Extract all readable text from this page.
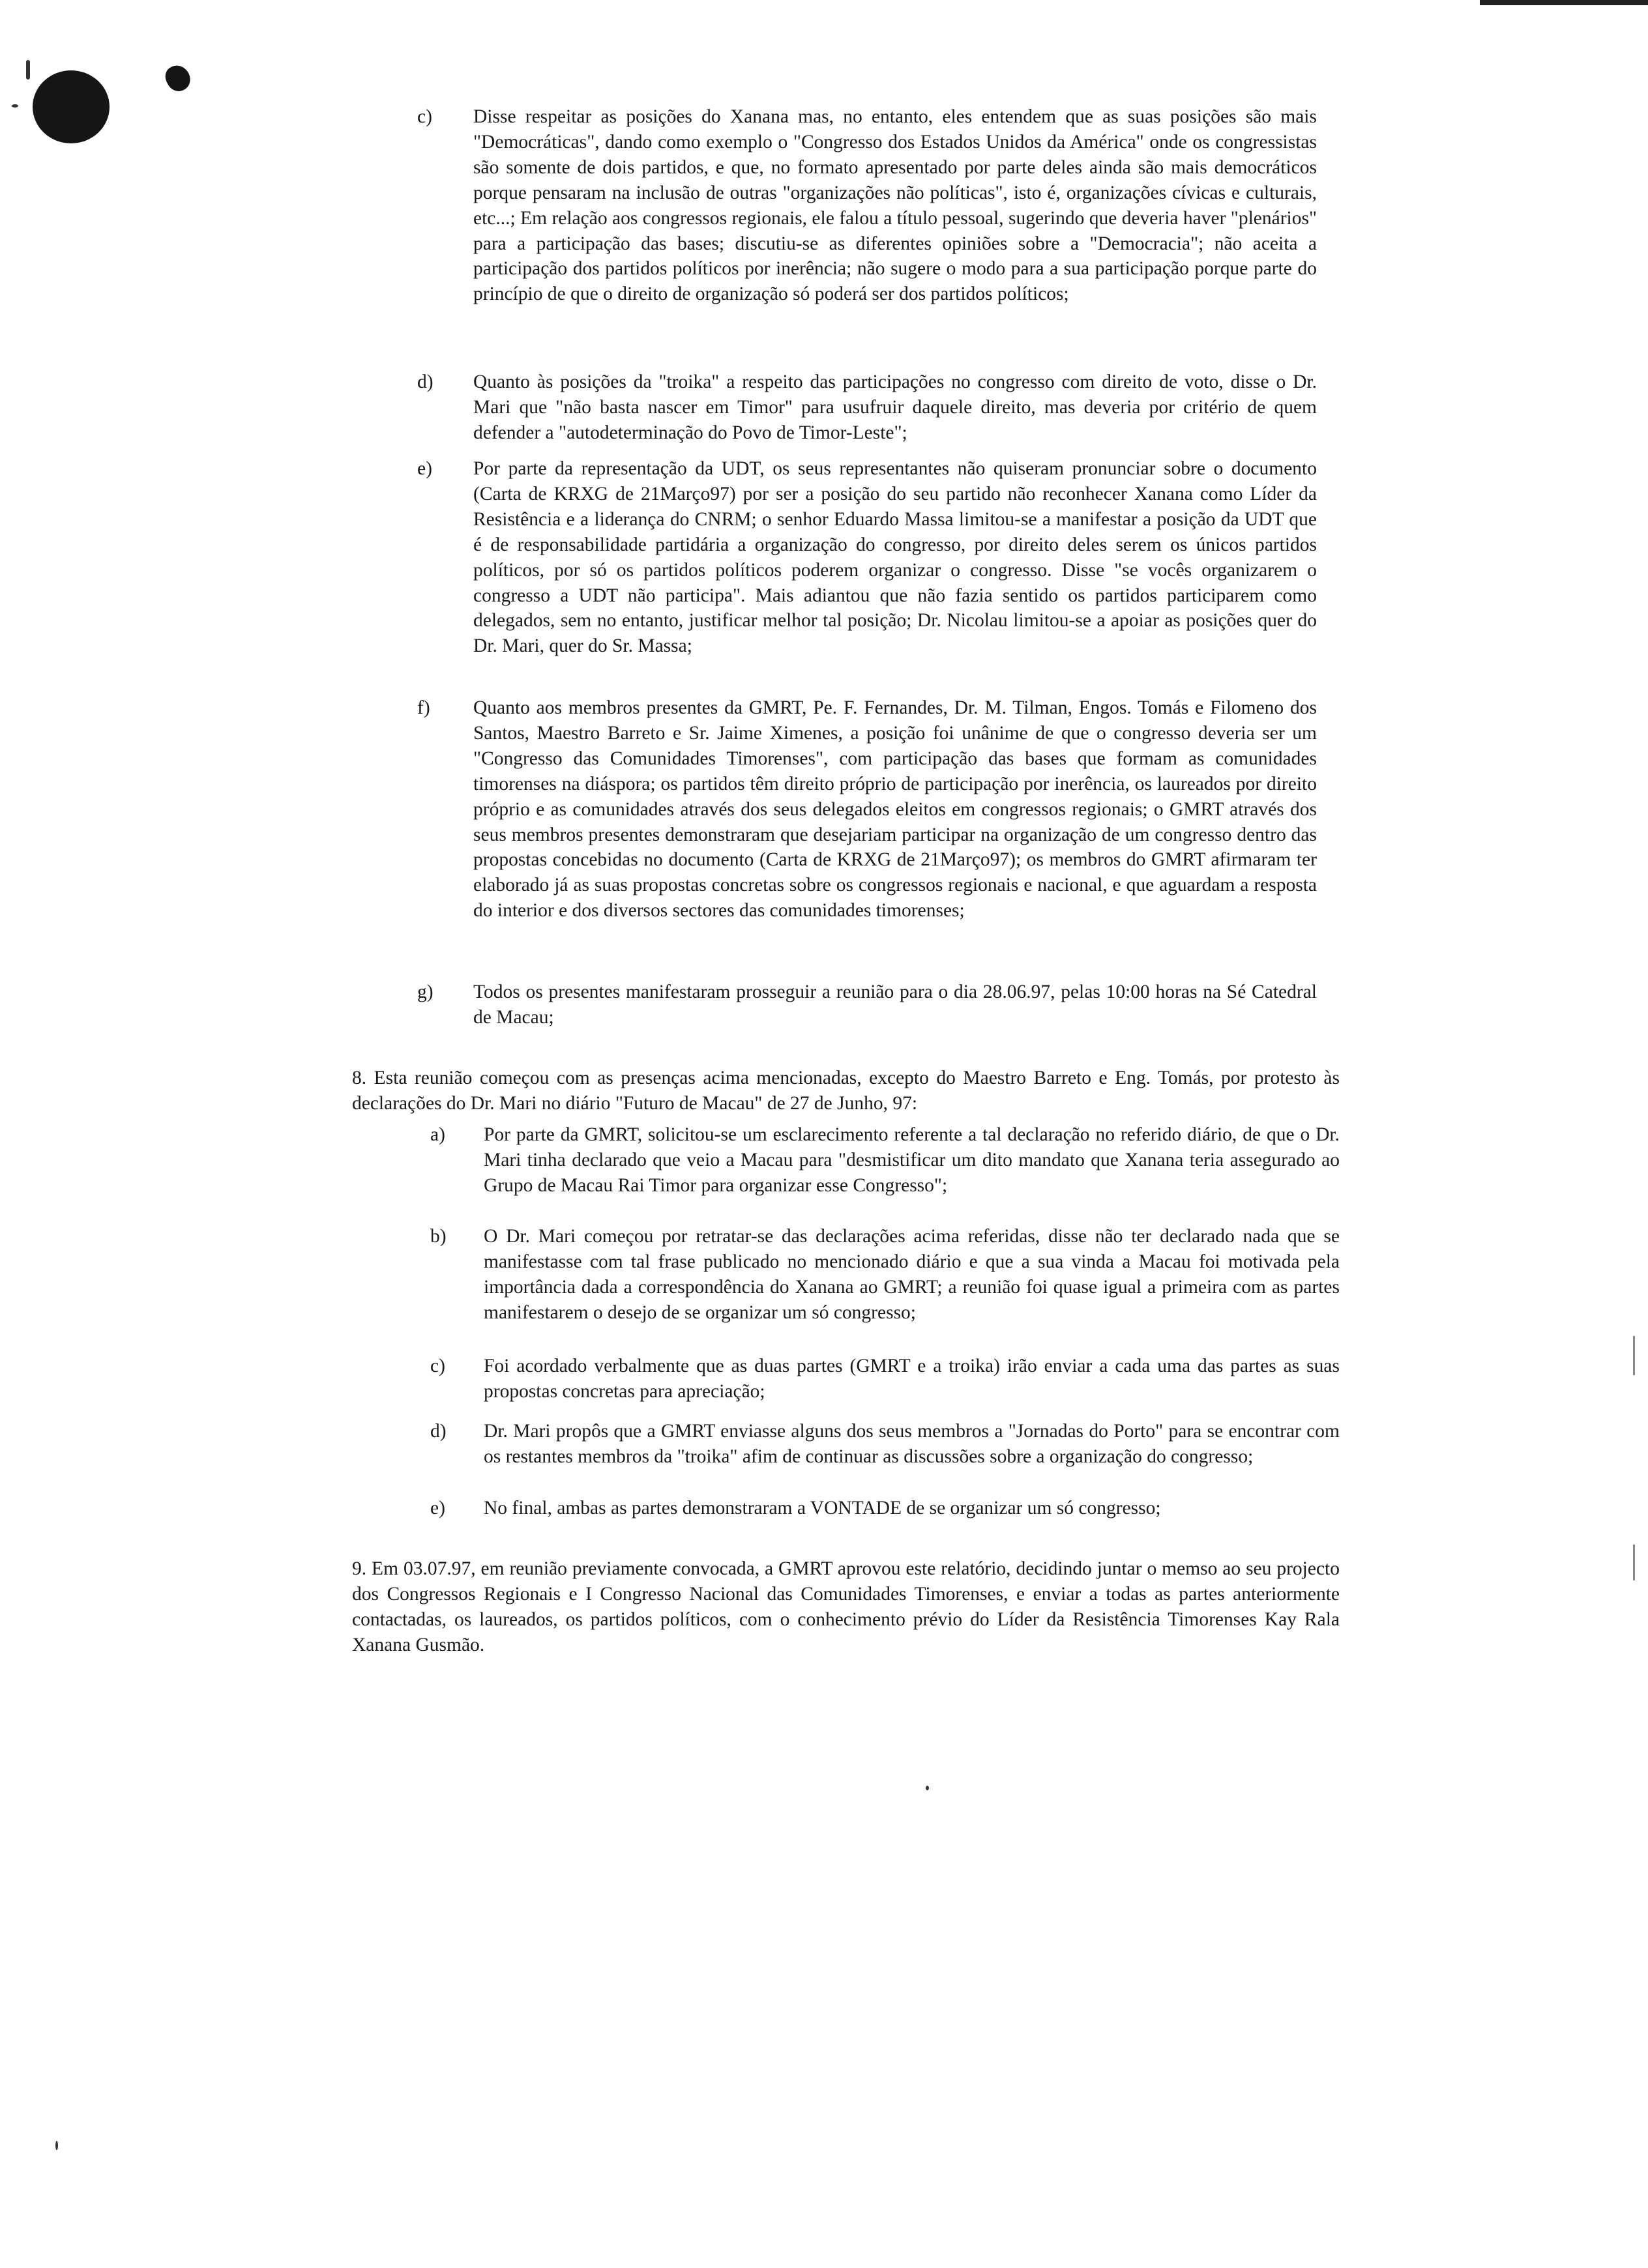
c)	Disse respeitar as posições do Xanana mas, no entanto, eles entendem que as suas posições são mais "Democráticas", dando como exemplo o "Congresso dos Estados Unidos da América" onde os congressistas são somente de dois partidos, e que, no formato apresentado por parte deles ainda são mais democráticos porque pensaram na inclusão de outras "organizações não políticas", isto é, organizações cívicas e culturais, etc...; Em relação aos congressos regionais, ele falou a título pessoal, sugerindo que deveria haver "plenários" para a participação das bases; discutiu-se as diferentes opiniões sobre a "Democracia"; não aceita a participação dos partidos políticos por inerência; não sugere o modo para a sua participação porque parte do princípio de que o direito de organização só poderá ser dos partidos políticos;
d)	Quanto às posições da "troika" a respeito das participações no congresso com direito de voto, disse o Dr. Mari que "não basta nascer em Timor" para usufruir daquele direito, mas deveria por critério de quem defender a "autodeterminação do Povo de Timor-Leste";
e)	Por parte da representação da UDT, os seus representantes não quiseram pronunciar sobre o documento (Carta de KRXG de 21Março97) por ser a posição do seu partido não reconhecer Xanana como Líder da Resistência e a liderança do CNRM; o senhor Eduardo Massa limitou-se a manifestar a posição da UDT que é de responsabilidade partidária a organização do congresso, por direito deles serem os únicos partidos políticos, por só os partidos políticos poderem organizar o congresso. Disse "se vocês organizarem o congresso a UDT não participa". Mais adiantou que não fazia sentido os partidos participarem como delegados, sem no entanto, justificar melhor tal posição; Dr. Nicolau limitou-se a apoiar as posições quer do Dr. Mari, quer do Sr. Massa;
f)	Quanto aos membros presentes da GMRT, Pe. F. Fernandes, Dr. M. Tilman, Engos. Tomás e Filomeno dos Santos, Maestro Barreto e Sr. Jaime Ximenes, a posição foi unânime de que o congresso deveria ser um "Congresso das Comunidades Timorenses", com participação das bases que formam as comunidades timorenses na diáspora; os partidos têm direito próprio de participação por inerência, os laureados por direito próprio e as comunidades através dos seus delegados eleitos em congressos regionais; o GMRT através dos seus membros presentes demonstraram que desejariam participar na organização de um congresso dentro das propostas concebidas no documento (Carta de KRXG de 21Março97); os membros do GMRT afirmaram ter elaborado já as suas propostas concretas sobre os congressos regionais e nacional, e que aguardam a resposta do interior e dos diversos sectores das comunidades timorenses;
g)	Todos os presentes manifestaram prosseguir a reunião para o dia 28.06.97, pelas 10:00 horas na Sé Catedral de Macau;
8. Esta reunião começou com as presenças acima mencionadas, excepto do Maestro Barreto e Eng. Tomás, por protesto às declarações do Dr. Mari no diário "Futuro de Macau" de 27 de Junho, 97:
a)	Por parte da GMRT, solicitou-se um esclarecimento referente a tal declaração no referido diário, de que o Dr. Mari tinha declarado que veio a Macau para "desmistificar um dito mandato que Xanana teria assegurado ao Grupo de Macau Rai Timor para organizar esse Congresso";
b)	O Dr. Mari começou por retratar-se das declarações acima referidas, disse não ter declarado nada que se manifestasse com tal frase publicado no mencionado diário e que a sua vinda a Macau foi motivada pela importância dada a correspondência do Xanana ao GMRT; a reunião foi quase igual a primeira com as partes manifestarem o desejo de se organizar um só congresso;
c)	Foi acordado verbalmente que as duas partes (GMRT e a troika) irão enviar a cada uma das partes as suas propostas concretas para apreciação;
d)	Dr. Mari propôs que a GMRT enviasse alguns dos seus membros a "Jornadas do Porto" para se encontrar com os restantes membros da "troika" afim de continuar as discussões sobre a organização do congresso;
e)	No final, ambas as partes demonstraram a VONTADE de se organizar um só congresso;
9. Em 03.07.97, em reunião previamente convocada, a GMRT aprovou este relatório, decidindo juntar o memso ao seu projecto dos Congressos Regionais e I Congresso Nacional das Comunidades Timorenses, e enviar a todas as partes anteriormente contactadas, os laureados, os partidos políticos, com o conhecimento prévio do Líder da Resistência Timorenses Kay Rala Xanana Gusmão.
